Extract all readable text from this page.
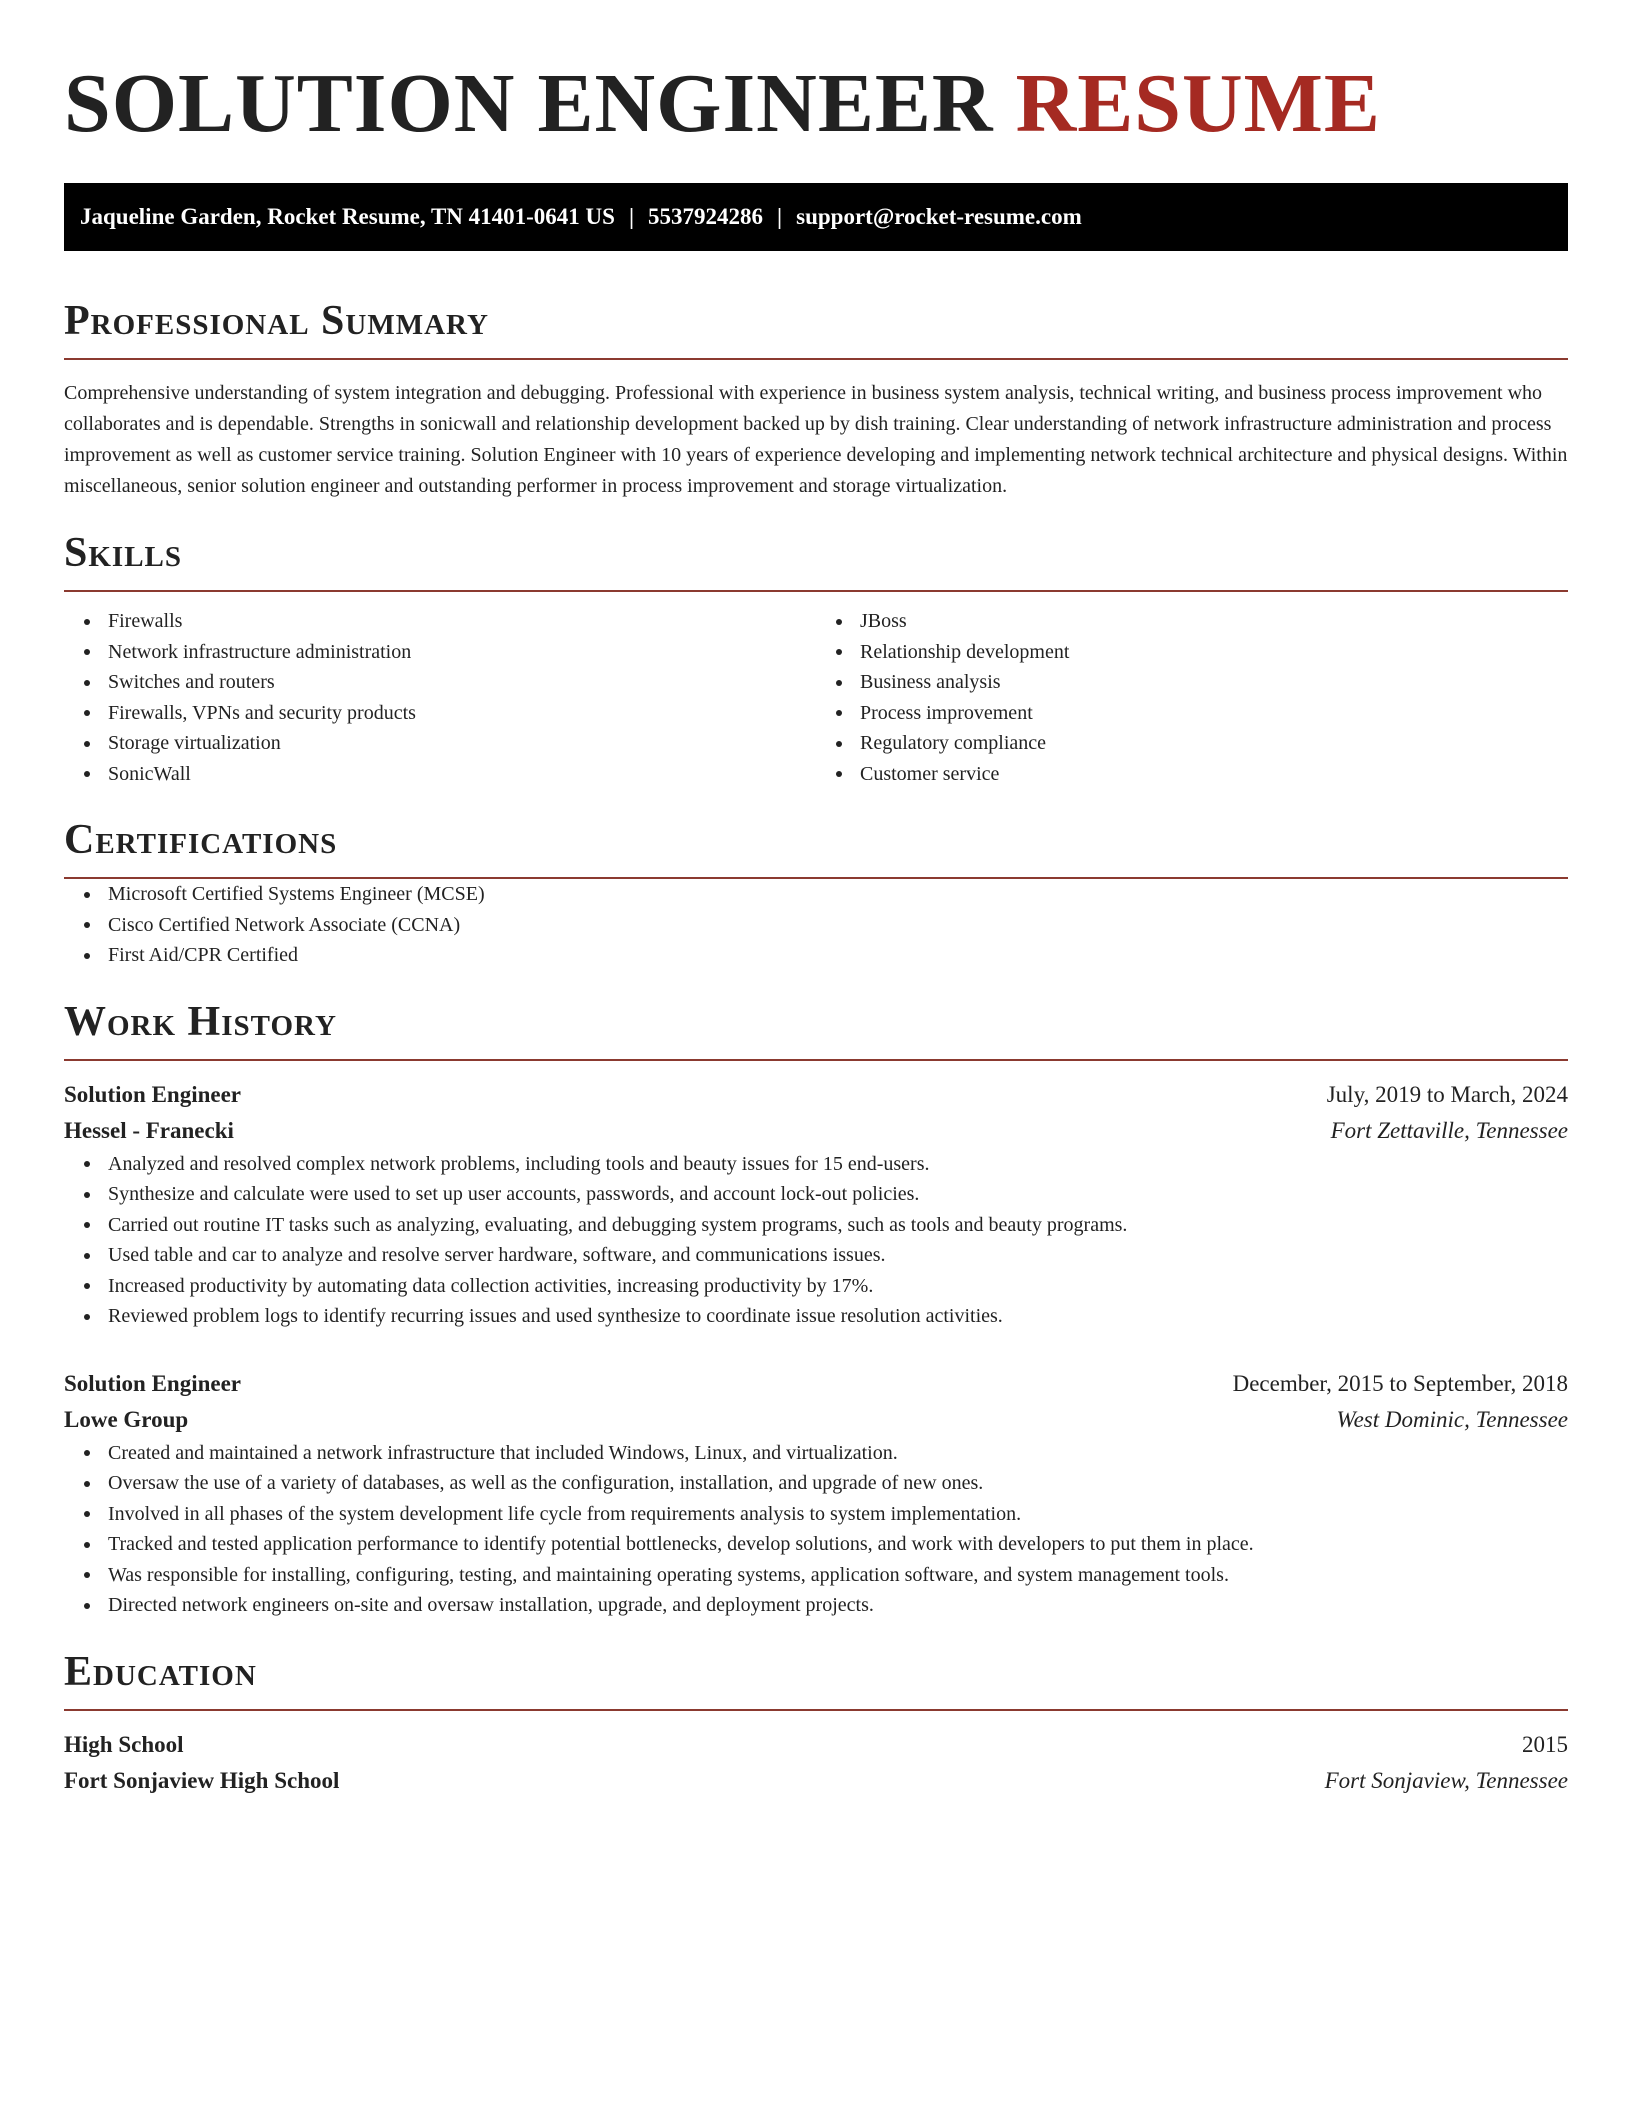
SOLUTION ENGINEER RESUME
Jaqueline Garden, Rocket Resume, TN 41401-0641 US | 5537924286 | support@rocket-resume.com
Professional Summary

Comprehensive understanding of system integration and debugging. Professional with experience in business system analysis, technical writing, and business process improvement who collaborates and is dependable. Strengths in sonicwall and relationship development backed up by dish training. Clear understanding of network infrastructure administration and process improvement as well as customer service training. Solution Engineer with 10 years of experience developing and implementing network technical architecture and physical designs. Within miscellaneous, senior solution engineer and outstanding performer in process improvement and storage virtualization.

Skills
Firewalls
Network infrastructure administration
Switches and routers
Firewalls, VPNs and security products
Storage virtualization
SonicWall
JBoss
Relationship development
Business analysis
Process improvement
Regulatory compliance
Customer service
Certifications
Microsoft Certified Systems Engineer (MCSE)
Cisco Certified Network Associate (CCNA)
First Aid/CPR Certified
Work History
Solution Engineer	July, 2019 to March, 2024
Hessel - Franecki	Fort Zettaville, Tennessee
Analyzed and resolved complex network problems, including tools and beauty issues for 15 end-users.
Synthesize and calculate were used to set up user accounts, passwords, and account lock-out policies.
Carried out routine IT tasks such as analyzing, evaluating, and debugging system programs, such as tools and beauty programs.
Used table and car to analyze and resolve server hardware, software, and communications issues.
Increased productivity by automating data collection activities, increasing productivity by 17%.
Reviewed problem logs to identify recurring issues and used synthesize to coordinate issue resolution activities.
Solution Engineer	December, 2015 to September, 2018
Lowe Group	West Dominic, Tennessee
Created and maintained a network infrastructure that included Windows, Linux, and virtualization.
Oversaw the use of a variety of databases, as well as the configuration, installation, and upgrade of new ones.
Involved in all phases of the system development life cycle from requirements analysis to system implementation.
Tracked and tested application performance to identify potential bottlenecks, develop solutions, and work with developers to put them in place.
Was responsible for installing, configuring, testing, and maintaining operating systems, application software, and system management tools.
Directed network engineers on-site and oversaw installation, upgrade, and deployment projects.
Education
High School	2015
Fort Sonjaview High School	Fort Sonjaview, Tennessee
